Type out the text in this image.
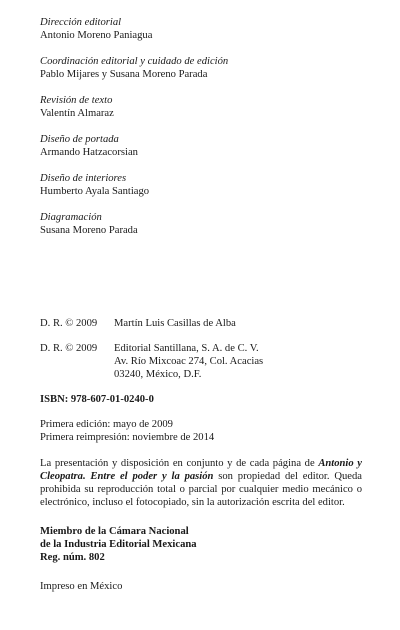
Dirección editorial
Antonio Moreno Paniagua
Coordinación editorial y cuidado de edición
Pablo Mijares y Susana Moreno Parada
Revisión de texto
Valentín Almaraz
Diseño de portada
Armando Hatzacorsian
Diseño de interiores
Humberto Ayala Santiago
Diagramación
Susana Moreno Parada
D. R. © 2009	Martín Luis Casillas de Alba
D. R. © 2009	Editorial Santillana, S. A. de C. V.
Av. Río Mixcoac 274, Col. Acacias
03240, México, D.F.
ISBN: 978-607-01-0240-0
Primera edición: mayo de 2009
Primera reimpresión: noviembre de 2014
La presentación y disposición en conjunto y de cada página de Antonio y Cleopatra. Entre el poder y la pasión son propiedad del editor. Queda prohibida su reproducción total o parcial por cualquier medio mecánico o electrónico, incluso el fotocopiado, sin la autorización escrita del editor.
Miembro de la Cámara Nacional
de la Industria Editorial Mexicana
Reg. núm. 802
Impreso en México
